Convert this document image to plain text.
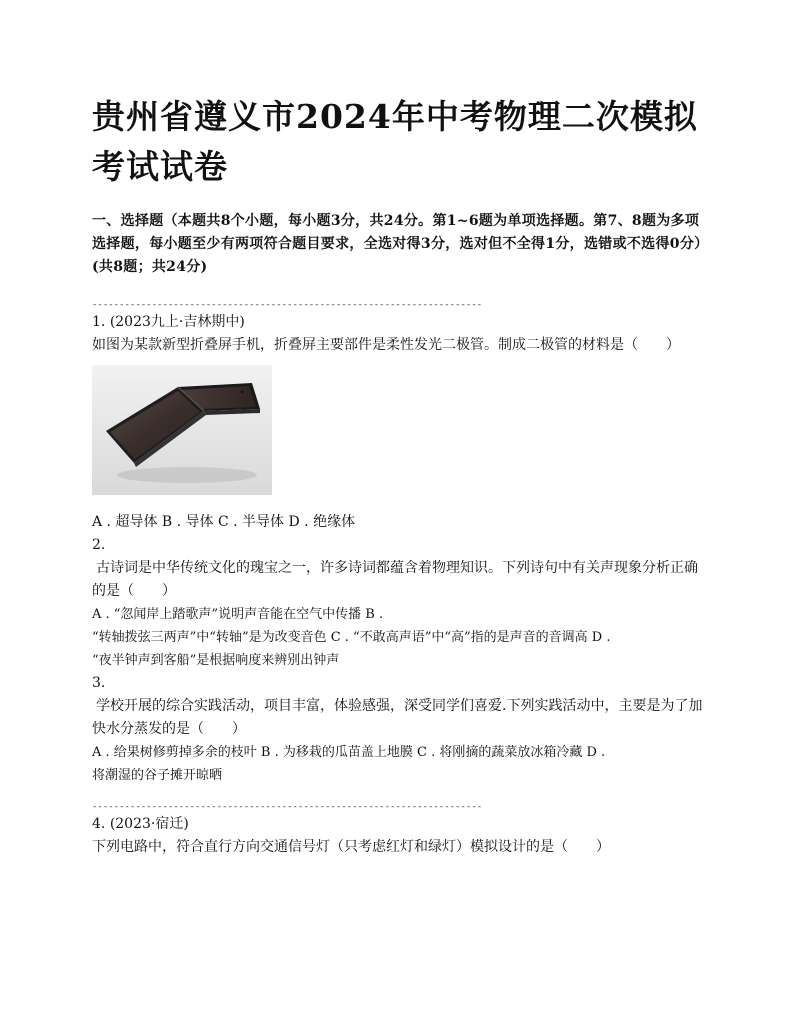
贵州省遵义市2024年中考物理二次模拟考试试卷
一、选择题（本题共8个小题，每小题3分，共24分。第1~6题为单项选择题。第7、8题为多项选择题，每小题至少有两项符合题目要求，全选对得3分，选对但不全得1分，选错或不选得0分）(共8题；共24分)
------------------------------------------------------------------------
1. (2023九上·吉林期中)
如图为某款新型折叠屏手机，折叠屏主要部件是柔性发光二极管。制成二极管的材料是（　　）
A . 超导体 B . 导体 C . 半导体 D . 绝缘体
2.
古诗词是中华传统文化的瑰宝之一，许多诗词都蕴含着物理知识。下列诗句中有关声现象分析正确的是（　　）
A . “忽闻岸上踏歌声”说明声音能在空气中传播 B .
“转轴拨弦三两声”中“转轴”是为改变音色 C . “不敢高声语”中“高”指的是声音的音调高 D .
“夜半钟声到客船”是根据响度来辨别出钟声
3.
学校开展的综合实践活动，项目丰富，体验感强，深受同学们喜爱.下列实践活动中，主要是为了加快水分蒸发的是（　　）
A . 给果树修剪掉多余的枝叶 B . 为移栽的瓜苗盖上地膜 C . 将刚摘的蔬菜放冰箱冷藏 D .
将潮湿的谷子摊开晾晒
------------------------------------------------------------------------
4. (2023·宿迁)
下列电路中，符合直行方向交通信号灯（只考虑红灯和绿灯）模拟设计的是（　　）
